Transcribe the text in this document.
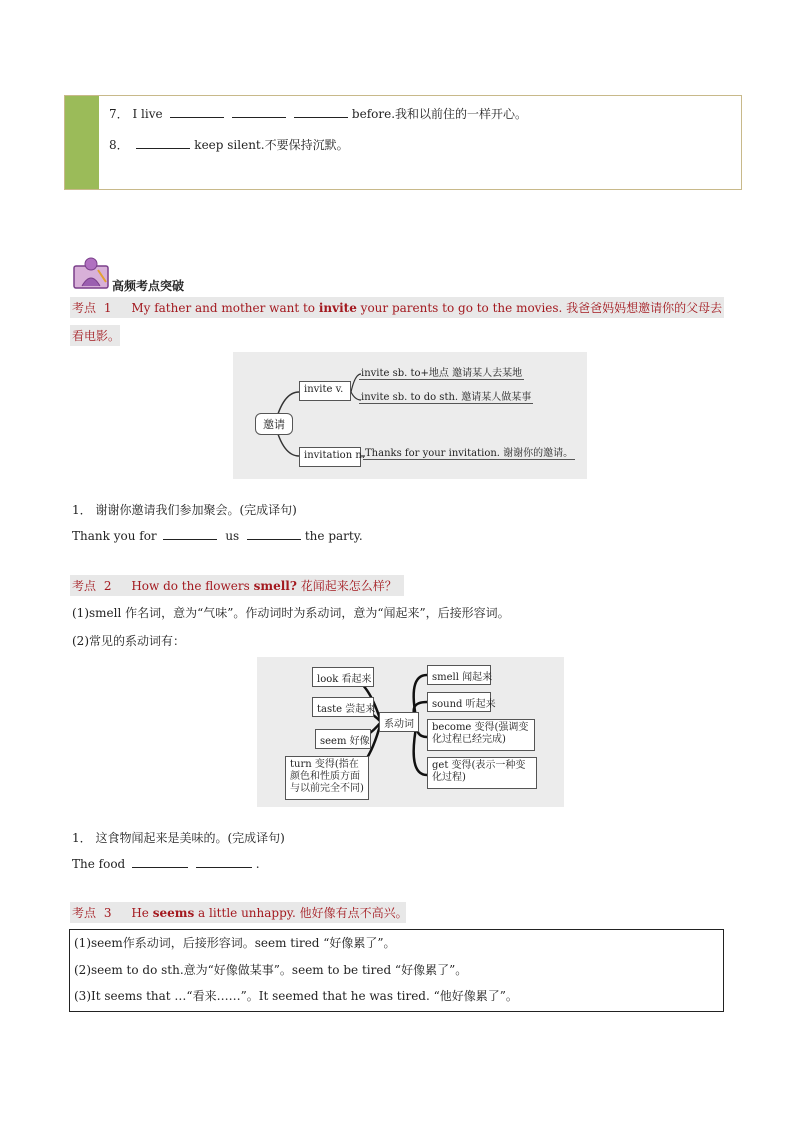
7． I live	before.我和以前住的一样开心。
8．	keep silent.不要保持沉默。
高频考点突破
考点 1 My father and mother want to invite your parents to go to the movies. 我爸爸妈妈想邀请你的父母去
看电影。
邀请
invite v.
invitation n.
invite sb. to+地点 邀请某人去某地
invite sb. to do sth. 邀请某人做某事
Thanks for your invitation. 谢谢你的邀请。
1． 谢谢你邀请我们参加聚会。(完成译句)
Thank you for	us	the party.
考点 2 How do the flowers smell? 花闻起来怎么样？
(1)smell 作名词，意为“气味”。作动词时为系动词，意为“闻起来”，后接形容词。
(2)常见的系动词有：
系动词
look 看起来
taste 尝起来
seem 好像
turn 变得(指在颜色和性质方面与以前完全不同)
smell 闻起来
sound 听起来
become 变得(强调变化过程已经完成)
get 变得(表示一种变化过程)
1． 这食物闻起来是美味的。(完成译句)
The food	.
考点 3 He seems a little unhappy. 他好像有点不高兴。
(1)seem作系动词，后接形容词。seem tired “好像累了”。
(2)seem to do sth.意为“好像做某事”。seem to be tired “好像累了”。
(3)It seems that …“看来……”。It seemed that he was tired. “他好像累了”。
